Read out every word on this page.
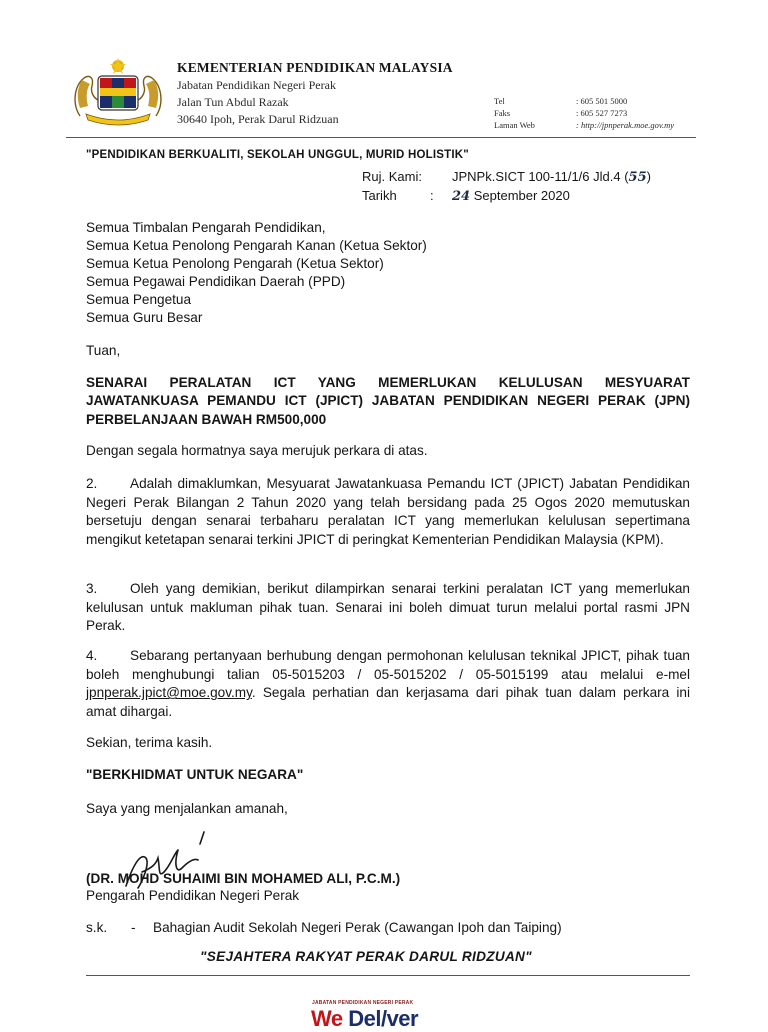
KEMENTERIAN PENDIDIKAN MALAYSIA
Jabatan Pendidikan Negeri Perak
Jalan Tun Abdul Razak
30640 Ipoh, Perak Darul Ridzuan
Tel	: 605 501 5000
Faks	: 605 527 7273
Laman Web	: http://jpnperak.moe.gov.my
"PENDIDIKAN BERKUALITI, SEKOLAH UNGGUL, MURID HOLISTIK"
Ruj. Kami: JPNPk.SICT 100-11/1/6 Jld.4 (55)
Tarikh	: 24 September 2020
Semua Timbalan Pengarah Pendidikan,
Semua Ketua Penolong Pengarah Kanan (Ketua Sektor)
Semua Ketua Penolong Pengarah (Ketua Sektor)
Semua Pegawai Pendidikan Daerah (PPD)
Semua Pengetua
Semua Guru Besar
Tuan,
SENARAI PERALATAN ICT YANG MEMERLUKAN KELULUSAN MESYUARAT JAWATANKUASA PEMANDU ICT (JPICT) JABATAN PENDIDIKAN NEGERI PERAK (JPN) PERBELANJAAN BAWAH RM500,000
Dengan segala hormatnya saya merujuk perkara di atas.
2. Adalah dimaklumkan, Mesyuarat Jawatankuasa Pemandu ICT (JPICT) Jabatan Pendidikan Negeri Perak Bilangan 2 Tahun 2020 yang telah bersidang pada 25 Ogos 2020 memutuskan bersetuju dengan senarai terbaharu peralatan ICT yang memerlukan kelulusan sepertimana mengikut ketetapan senarai terkini JPICT di peringkat Kementerian Pendidikan Malaysia (KPM).
3. Oleh yang demikian, berikut dilampirkan senarai terkini peralatan ICT yang memerlukan kelulusan untuk makluman pihak tuan. Senarai ini boleh dimuat turun melalui portal rasmi JPN Perak.
4. Sebarang pertanyaan berhubung dengan permohonan kelulusan teknikal JPICT, pihak tuan boleh menghubungi talian 05-5015203 / 05-5015202 / 05-5015199 atau melalui e-mel jpnperak.jpict@moe.gov.my. Segala perhatian dan kerjasama dari pihak tuan dalam perkara ini amat dihargai.
Sekian, terima kasih.
"BERKHIDMAT UNTUK NEGARA"
Saya yang menjalankan amanah,
(DR. MOHD SUHAIMI BIN MOHAMED ALI, P.C.M.)
Pengarah Pendidikan Negeri Perak
s.k. - Bahagian Audit Sekolah Negeri Perak (Cawangan Ipoh dan Taiping)
"SEJAHTERA RAKYAT PERAK DARUL RIDZUAN"
JABATAN PENDIDIKAN NEGERI PERAK
We Del/ver
